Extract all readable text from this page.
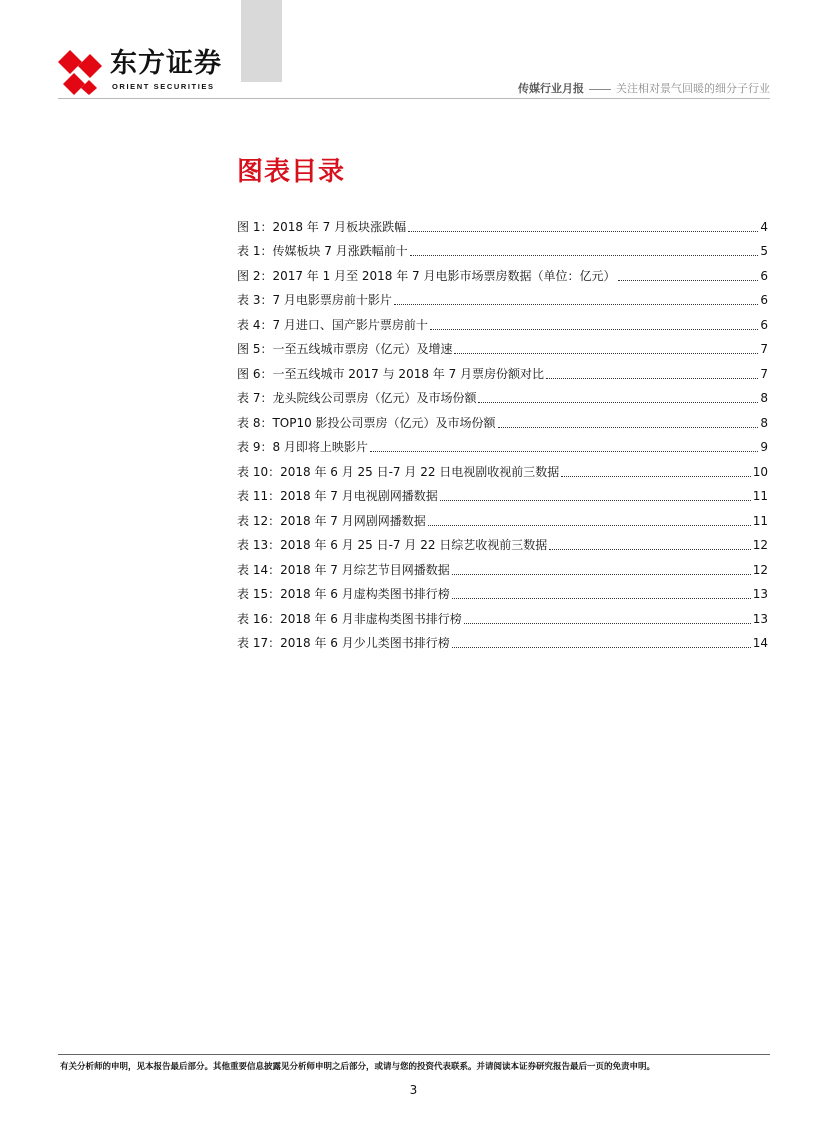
东方证券
ORIENT SECURITIES	传媒行业月报	关注相对景气回暖的细分子行业
图表目录
图 1：2018 年 7 月板块涨跌幅	4
表 1：传媒板块 7 月涨跌幅前十	5
图 2：2017 年 1 月至 2018 年 7 月电影市场票房数据（单位：亿元）	6
表 3：7 月电影票房前十影片	6
表 4：7 月进口、国产影片票房前十	6
图 5：一至五线城市票房（亿元）及增速	7
图 6：一至五线城市 2017 与 2018 年 7 月票房份额对比	7
表 7：龙头院线公司票房（亿元）及市场份额	8
表 8：TOP10 影投公司票房（亿元）及市场份额	8
表 9：8 月即将上映影片	9
表 10：2018 年 6 月 25 日-7 月 22 日电视剧收视前三数据	10
表 11：2018 年 7 月电视剧网播数据	11
表 12：2018 年 7 月网剧网播数据	11
表 13：2018 年 6 月 25 日-7 月 22 日综艺收视前三数据	12
表 14：2018 年 7 月综艺节目网播数据	12
表 15：2018 年 6 月虚构类图书排行榜	13
表 16：2018 年 6 月非虚构类图书排行榜	13
表 17：2018 年 6 月少儿类图书排行榜	14
有关分析师的申明，见本报告最后部分。其他重要信息披露见分析师申明之后部分，或请与您的投资代表联系。并请阅读本证券研究报告最后一页的免责申明。
3
